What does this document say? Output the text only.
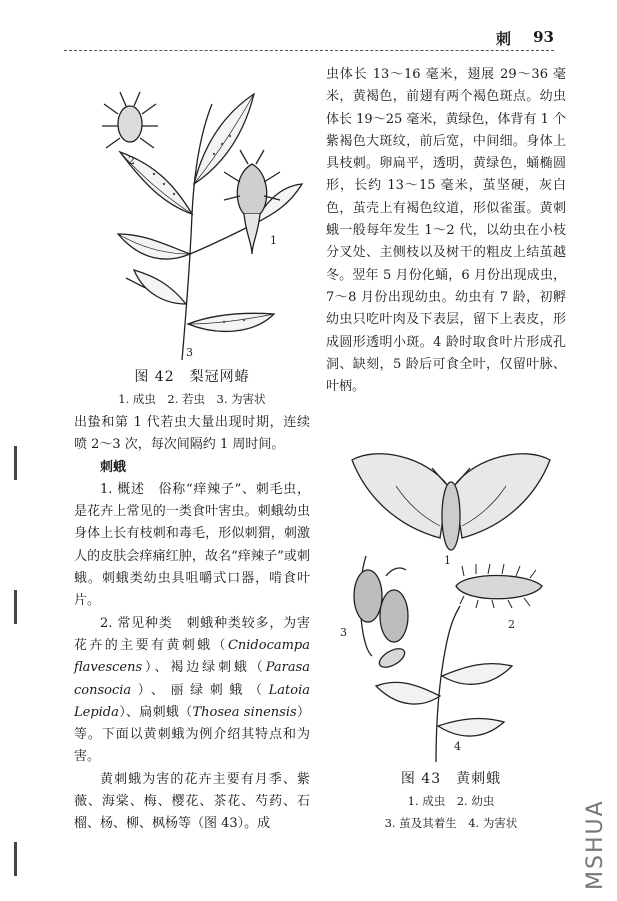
刺 93
2
1
3
图 42　梨冠网蝽
1. 成虫　2. 若虫　3. 为害状

出蛰和第 1 代若虫大量出现时期，连续喷 2～3 次，每次间隔约 1 周时间。

刺蛾

1. 概述　俗称“痒辣子”、刺毛虫，是花卉上常见的一类食叶害虫。刺蛾幼虫身体上长有枝刺和毒毛，形似刺猬，刺激人的皮肤会痒痛红肿，故名“痒辣子”或刺蛾。刺蛾类幼虫具咀嚼式口器，啃食叶片。

2. 常见种类　刺蛾种类较多，为害花卉的主要有黄刺蛾（Cnidocampa flavescens）、褐边绿刺蛾（Parasa consocia）、丽绿刺蛾（Latoia Lepida）、扁刺蛾（Thosea sinensis）等。下面以黄刺蛾为例介绍其特点和为害。

黄刺蛾为害的花卉主要有月季、紫薇、海棠、梅、樱花、茶花、芍药、石榴、杨、柳、枫杨等（图 43）。成

虫体长 13～16 毫米，翅展 29～36 毫米，黄褐色，前翅有两个褐色斑点。幼虫体长 19～25 毫米，黄绿色，体背有 1 个紫褐色大斑纹，前后宽，中间细。身体上具枝刺。卵扁平，透明，黄绿色，蛹椭圆形，长约 13～15 毫米，茧坚硬，灰白色，茧壳上有褐色纹道，形似雀蛋。黄刺蛾一般每年发生 1～2 代，以幼虫在小枝分叉处、主侧枝以及树干的粗皮上结茧越冬。翌年 5 月份化蛹，6 月份出现成虫，7～8 月份出现幼虫。幼虫有 7 龄，初孵幼虫只吃叶肉及下表层，留下上表皮，形成圆形透明小斑。4 龄时取食叶片形成孔洞、缺刻，5 龄后可食全叶，仅留叶脉、叶柄。

1
2
3
4
图 43　黄刺蛾
1. 成虫　2. 幼虫
3. 茧及其着生　4. 为害状	MSHUA
